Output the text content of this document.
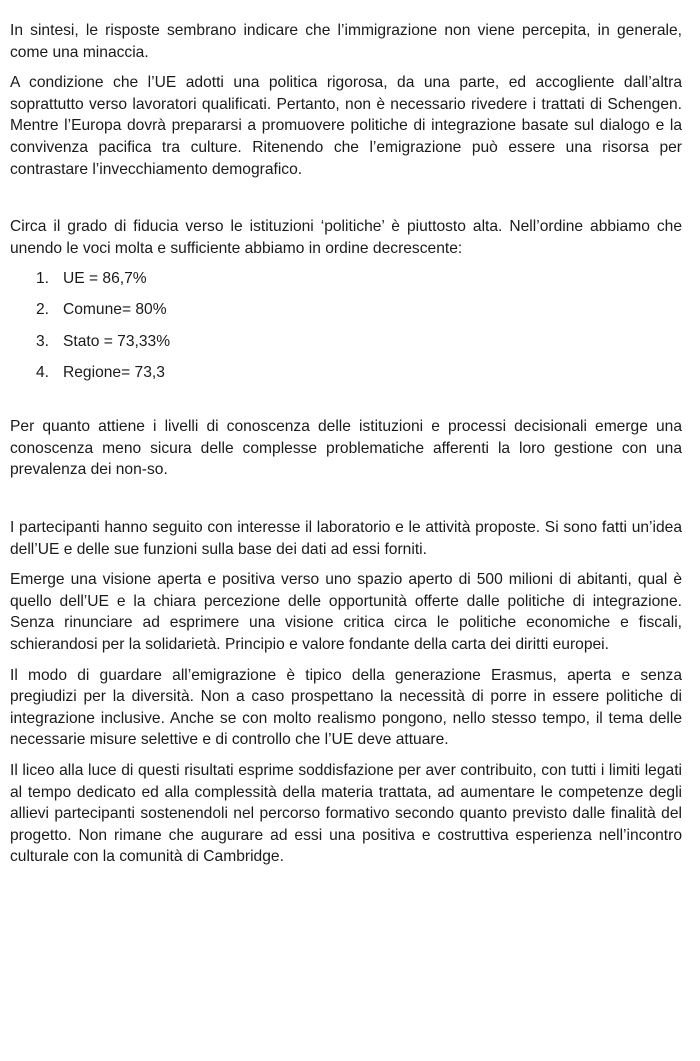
In sintesi, le risposte sembrano indicare che l’immigrazione non viene percepita, in generale, come una minaccia.

A condizione che l’UE adotti una politica rigorosa, da una parte, ed accogliente dall’altra soprattutto verso lavoratori qualificati. Pertanto, non è necessario rivedere i trattati di Schengen. Mentre l’Europa dovrà prepararsi a promuovere politiche di integrazione basate sul dialogo e la convivenza pacifica tra culture. Ritenendo che l’emigrazione può essere una risorsa per contrastare l’invecchiamento demografico.

Circa il grado di fiducia verso le istituzioni ‘politiche’ è piuttosto alta. Nell’ordine abbiamo che unendo le voci molta e sufficiente abbiamo in ordine decrescente:

1. UE = 86,7%
2. Comune= 80%
3. Stato = 73,33%
4. Regione= 73,3

Per quanto attiene i livelli di conoscenza delle istituzioni e processi decisionali emerge una conoscenza meno sicura delle complesse problematiche afferenti la loro gestione con una prevalenza dei non-so.

I partecipanti hanno seguito con interesse il laboratorio e le attività proposte. Si sono fatti un’idea dell’UE e delle sue funzioni sulla base dei dati ad essi forniti.

Emerge una visione aperta e positiva verso uno spazio aperto di 500 milioni di abitanti, qual è quello dell’UE e la chiara percezione delle opportunità offerte dalle politiche di integrazione. Senza rinunciare ad esprimere una visione critica circa le politiche economiche e fiscali, schierandosi per la solidarietà. Principio e valore fondante della carta dei diritti europei.

Il modo di guardare all’emigrazione è tipico della generazione Erasmus, aperta e senza pregiudizi per la diversità. Non a caso prospettano la necessità di porre in essere politiche di integrazione inclusive. Anche se con molto realismo pongono, nello stesso tempo, il tema delle necessarie misure selettive e di controllo che l’UE deve attuare.

Il liceo alla luce di questi risultati esprime soddisfazione per aver contribuito, con tutti i limiti legati al tempo dedicato ed alla complessità della materia trattata, ad aumentare le competenze degli allievi partecipanti sostenendoli nel percorso formativo secondo quanto previsto dalle finalità del progetto. Non rimane che augurare ad essi una positiva e costruttiva esperienza nell’incontro culturale con la comunità di Cambridge.
